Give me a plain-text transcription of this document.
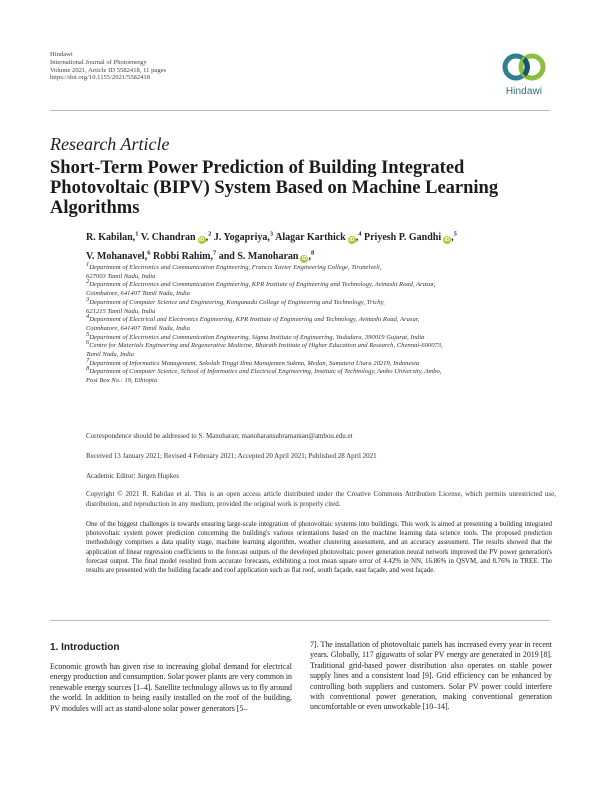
Hindawi
International Journal of Photoenergy
Volume 2021, Article ID 5582418, 11 pages
https://doi.org/10.1155/2021/5582418
Hindawi
Research Article
Short-Term Power Prediction of Building Integrated Photovoltaic (BIPV) System Based on Machine Learning Algorithms
R. Kabilan,$^1$ V. Chandran iD ,$^2$ J. Yogapriya,$^3$ Alagar Karthick iD ,$^4$ Priyesh P. Gandhi iD ,$^5$
V. Mohanavel,$^6$ Robbi Rahim,$^7$ and S. Manoharan iD ,$^8$
$^1$Department of Electronics and Communication Engineering, Francis Xavier Engineering College, Tirunelveli,
627003 Tamil Nadu, India
$^2$Department of Electronics and Communication Engineering, KPR Institute of Engineering and Technology, Avinashi Road, Arasur,
Coimbatore, 641407 Tamil Nadu, India
$^3$Department of Computer Science and Engineering, Kongunadu College of Engineering and Technology, Trichy,
621215 Tamil Nadu, India
$^4$Department of Electrical and Electronics Engineering, KPR Institute of Engineering and Technology, Avinashi Road, Arasur,
Coimbatore, 641407 Tamil Nadu, India
$^5$Department of Electronics and Communication Engineering, Sigma Institute of Engineering, Vadodara, 390019 Gujarat, India
$^6$Centre for Materials Engineering and Regenerative Medicine, Bharath Institute of Higher Education and Research, Chennai-600073,
Tamil Nadu, India
$^7$Department of Informatics Management, Sekolah Tinggi Ilmu Manajemen Sukma, Medan, Sumatera Utara 20219, Indonesia
$^8$Department of Computer Science, School of Informatics and Electrical Engineering, Institute of Technology, Ambo University, Ambo,
Post Box No.: 19, Ethiopia
Correspondence should be addressed to S. Manoharan; manoharansubramanian@ambou.edu.et
Received 13 January 2021; Revised 4 February 2021; Accepted 20 April 2021; Published 28 April 2021
Academic Editor: Jurgen Hupkes
Copyright © 2021 R. Kabilan et al. This is an open access article distributed under the Creative Commons Attribution License, which permits unrestricted use, distribution, and reproduction in any medium, provided the original work is properly cited.
One of the biggest challenges is towards ensuring large-scale integration of photovoltaic systems into buildings. This work is aimed at presenting a building integrated photovoltaic system power prediction concerning the building's various orientations based on the machine learning data science tools. The proposed prediction methodology comprises a data quality stage, machine learning algorithm, weather clustering assessment, and an accuracy assessment. The results showed that the application of linear regression coefficients to the forecast outputs of the developed photovoltaic power generation neural network improved the PV power generation's forecast output. The final model resulted from accurate forecasts, exhibiting a root mean square error of 4.42% in NN, 16.86% in QSVM, and 8.76% in TREE. The results are presented with the building facade and roof application such as flat roof, south façade, east façade, and west façade.
1. Introduction

Economic growth has given rise to increasing global demand for electrical energy production and consumption. Solar power plants are very common in renewable energy sources [1–4]. Satellite technology allows us to fly around the world. In addition to being easily installed on the roof of the building, PV modules will act as stand-alone solar power generators [5–

7]. The installation of photovoltaic panels has increased every year in recent years. Globally, 117 gigawatts of solar PV energy are generated in 2019 [8]. Traditional grid-based power distribution also operates on stable power supply lines and a consistent load [9]. Grid efficiency can be enhanced by controlling both suppliers and customers. Solar PV power could interfere with conventional power generation, making conventional generation uncomfortable or even unworkable [10–14].
